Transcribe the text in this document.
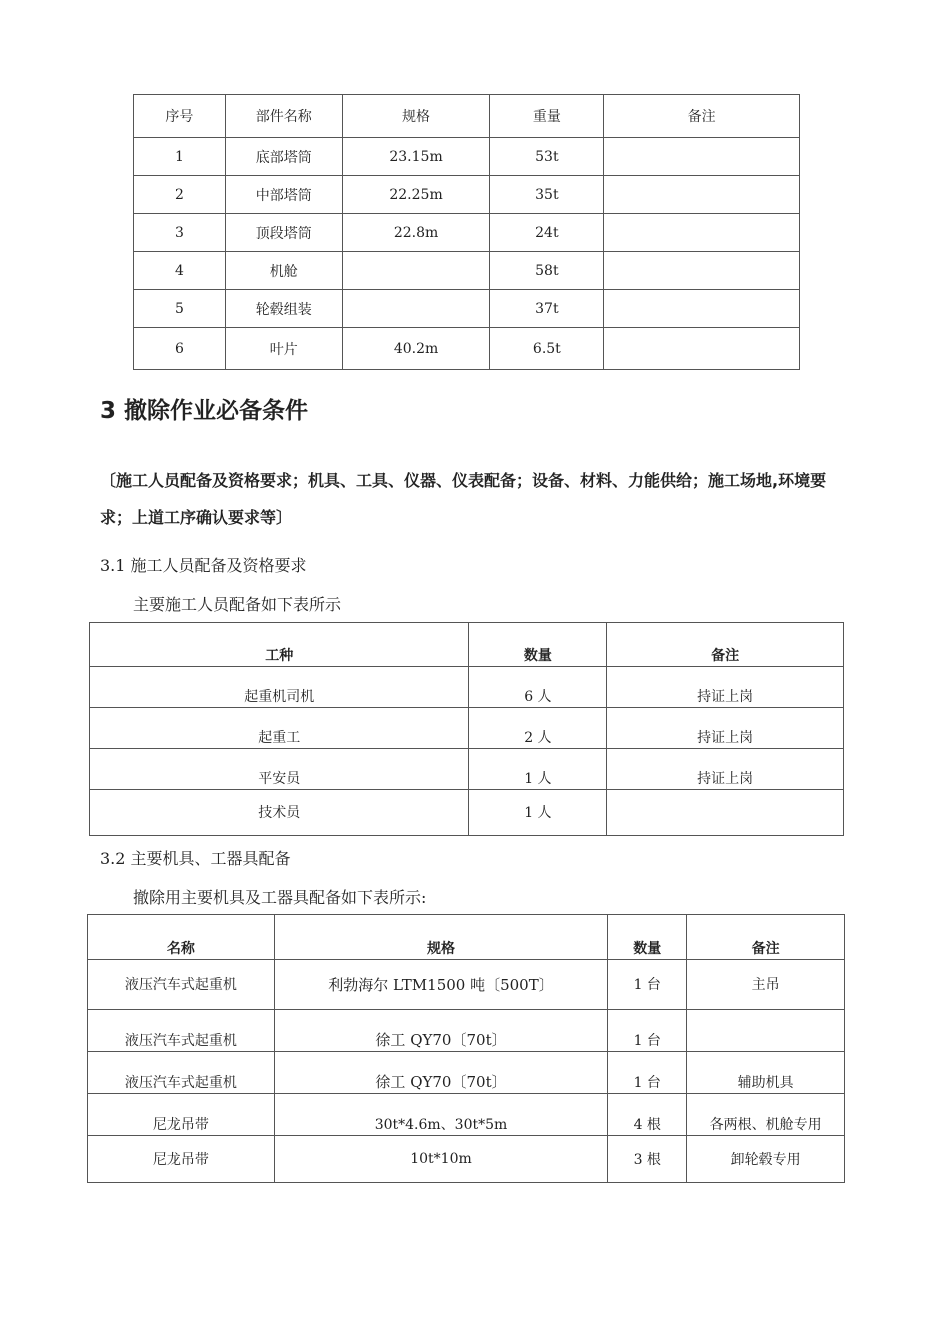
序号	部件名称	规格	重量	备注
1	底部塔筒	23.15m	53t	
2	中部塔筒	22.25m	35t	
3	顶段塔筒	22.8m	24t	
4	机舱		58t	
5	轮毂组装		37t	
6	叶片	40.2m	6.5t	
3 撤除作业必备条件

〔施工人员配备及资格要求；机具、工具、仪器、仪表配备；设备、材料、力能供给；施工场地,环境要求；上道工序确认要求等〕

3.1 施工人员配备及资格要求

主要施工人员配备如下表所示

工种	数量	备注
起重机司机	6 人	持证上岗
起重工	2 人	持证上岗
平安员	1 人	持证上岗
技术员	1 人	

3.2 主要机具、工器具配备

撤除用主要机具及工器具配备如下表所示:

名称	规格	数量	备注
液压汽车式起重机	利勃海尔 LTM1500 吨〔500T〕	1 台	主吊
液压汽车式起重机	徐工 QY70〔70t〕	1 台	
液压汽车式起重机	徐工 QY70〔70t〕	1 台	辅助机具
尼龙吊带	30t*4.6m、30t*5m	4 根	各两根、机舱专用
尼龙吊带	10t*10m	3 根	卸轮毂专用
